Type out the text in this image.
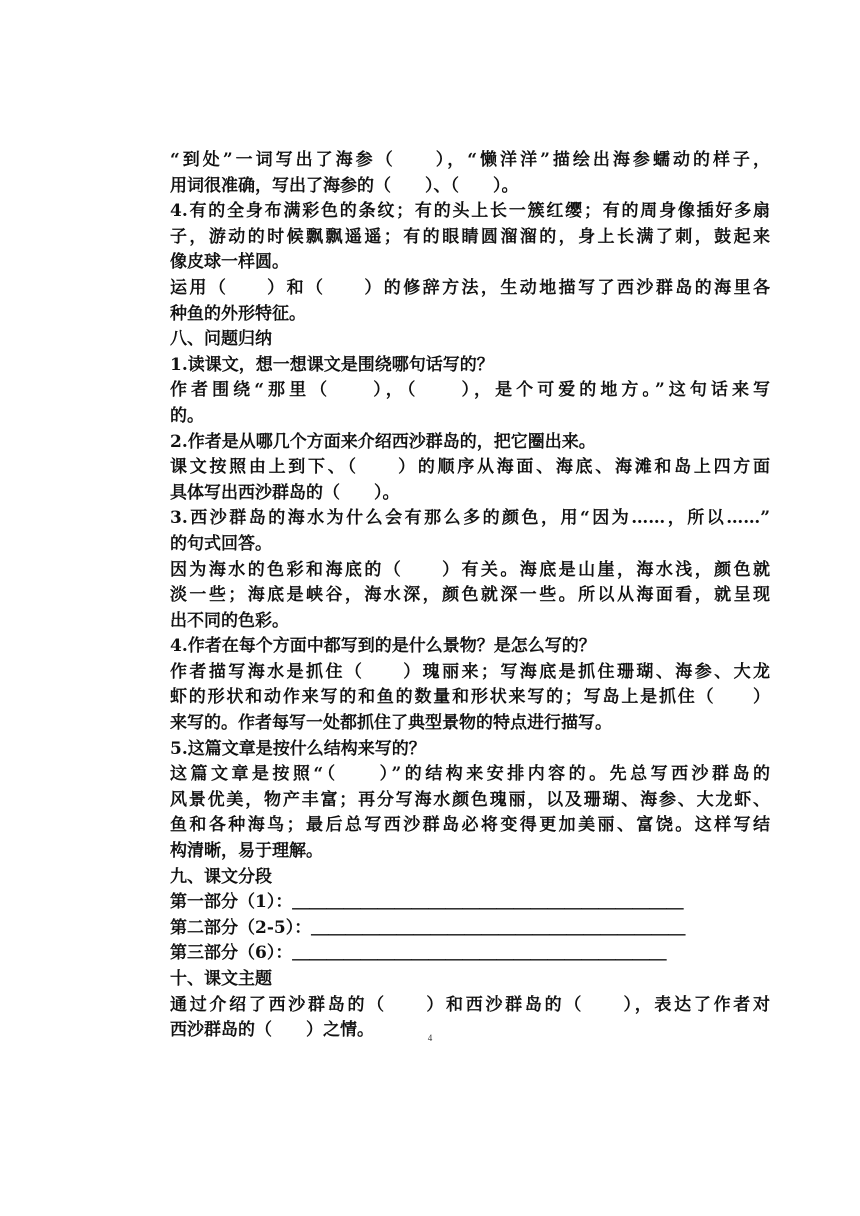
“到处”一词写出了海参（　　），“懒洋洋”描绘出海参蠕动的样子，
用词很准确，写出了海参的（　　）、（　　）。
4.有的全身布满彩色的条纹；有的头上长一簇红缨；有的周身像插好多扇
子，游动的时候飘飘遥遥；有的眼睛圆溜溜的，身上长满了刺，鼓起来
像皮球一样圆。
运用（　　）和（　　）的修辞方法，生动地描写了西沙群岛的海里各
种鱼的外形特征。
八、问题归纳
1.读课文，想一想课文是围绕哪句话写的？
作者围绕“那里（　　），（　　），是个可爱的地方。”这句话来写
的。
2.作者是从哪几个方面来介绍西沙群岛的，把它圈出来。
课文按照由上到下、（　　）的顺序从海面、海底、海滩和岛上四方面
具体写出西沙群岛的（　　）。
3.西沙群岛的海水为什么会有那么多的颜色，用“因为……，所以……”
的句式回答。
因为海水的色彩和海底的（　　）有关。海底是山崖，海水浅，颜色就
淡一些；海底是峡谷，海水深，颜色就深一些。所以从海面看，就呈现
出不同的色彩。
4.作者在每个方面中都写到的是什么景物？是怎么写的？
作者描写海水是抓住（　　）瑰丽来；写海底是抓住珊瑚、海参、大龙
虾的形状和动作来写的和鱼的数量和形状来写的；写岛上是抓住（　　）
来写的。作者每写一处都抓住了典型景物的特点进行描写。
5.这篇文章是按什么结构来写的？
这篇文章是按照“（　　）”的结构来安排内容的。先总写西沙群岛的
风景优美，物产丰富；再分写海水颜色瑰丽，以及珊瑚、海参、大龙虾、
鱼和各种海鸟；最后总写西沙群岛必将变得更加美丽、富饶。这样写结
构清晰，易于理解。
九、课文分段
第一部分（1）：＿＿＿＿＿＿＿＿＿＿＿＿＿＿＿＿＿＿＿＿＿＿＿
第二部分（2-5）：＿＿＿＿＿＿＿＿＿＿＿＿＿＿＿＿＿＿＿＿＿＿
第三部分（6）：＿＿＿＿＿＿＿＿＿＿＿＿＿＿＿＿＿＿＿＿＿＿
十、课文主题
通过介绍了西沙群岛的（　　）和西沙群岛的（　　），表达了作者对
西沙群岛的（　　）之情。	4
